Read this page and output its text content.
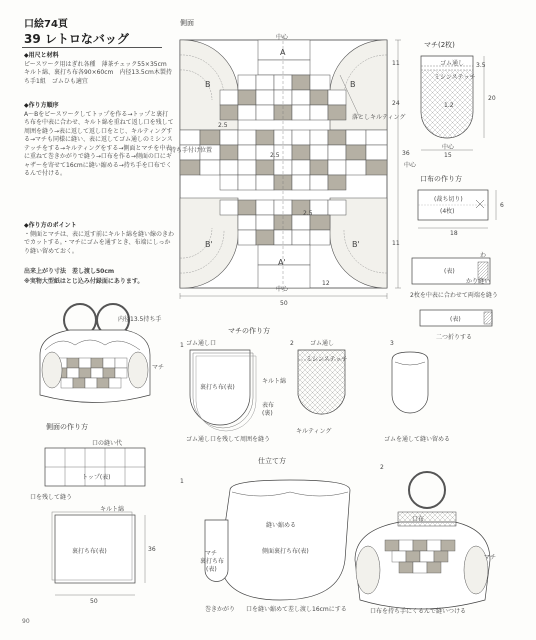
口絵74頁
39 レトロなバッグ
◆用尺と材料
ピースワーク用はぎれ各種　薄茶チェック55×35cm　キルト綿、裏打ち布各90×60cm　内径13.5cm木製持ち手1組　ゴムひも適宜
◆作り方順序
A～Bをピースワークしてトップを作る→トップと裏打ち布を中表に合わせ、キルト綿を重ねて返し口を残して周囲を縫う→表に返して返し口をとじ、キルティングする→マチも同様に縫い、表に返してゴム通しのミシンステッチをする→キルティングをする→側面とマチを中表に重ねて巻きかがりで縫う→口布を作る→側面の口にギャザーを寄せて16cmに縫い縮める→持ち手を口布でくるんで付ける。
◆作り方のポイント
・側面とマチは、表に返す前にキルト綿を縫い線のきわでカットする。・マチにゴムを通すとき、布端にしっかり縫い留めておく。
出来上がり寸法　差し渡し50cm
※実物大型紙はとじ込み付録面にあります。
側面
中心
中心
中心
A
A'
B	B
B'	B'
落としキルティング
2.5
2.5
2.5
24
11
11
36
50
12
持ち手付け位置
マチ(2枚)
ゴム通し
ミシンステッチ
15
20
1.2
中心
3.5
口布の作り方
(裁ち切り)
(4枚)
18
6
(表)
わ
かり縫い
2枚を中表に合わせて両端を縫う
(表)
二つ折りする
内径13.5持ち手
マチ
マチの作り方
1	2	3
ゴム通し口
裏打ち布(表)
キルト綿
表布
(裏)
ゴム通し
ミシンステッチ
キルティング
ゴム通し口を残して周囲を縫う	ゴムを通して縫い留める
側面の作り方
口の縫い代
トップ(表)
キルト綿
裏打ち布(表)
口を残して縫う
50
36
仕立て方
1
2
マチ
裏打ち布
(表)
側面裏打ち布(表)
縫い縮める
巻きかがり 口を縫い縮めて差し渡し16cmにする	口布を持ち手にくるんで縫いつける
口布
マチ
90
